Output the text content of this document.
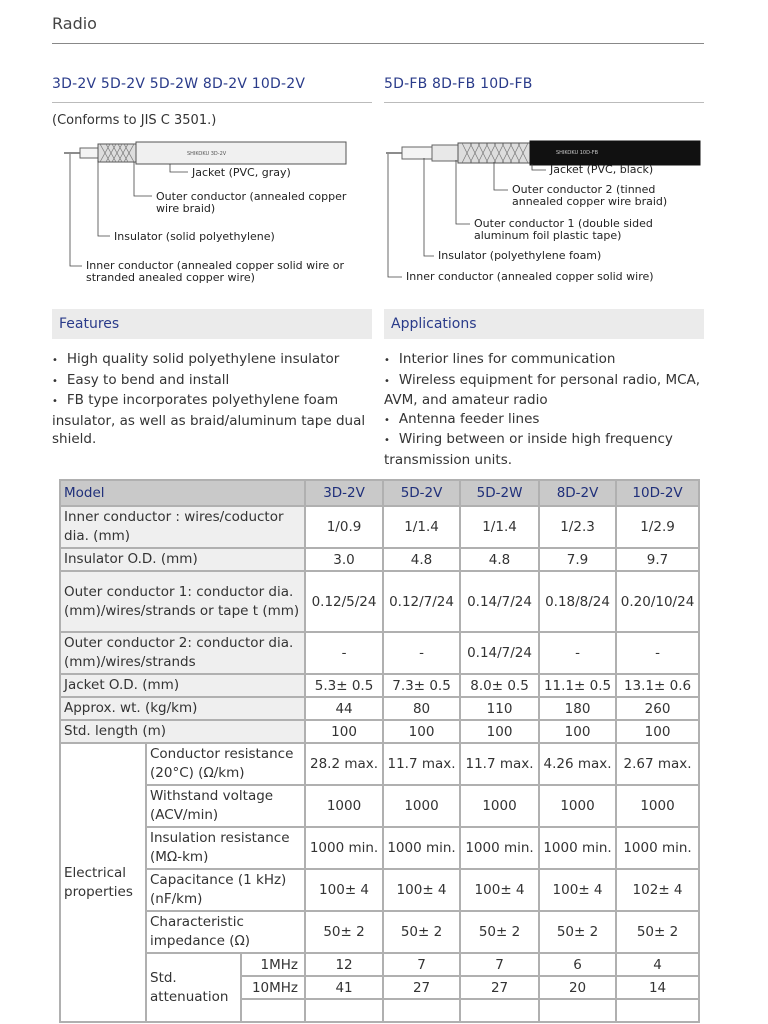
Radio
3D-2V 5D-2V 5D-2W 8D-2V 10D-2V
(Conforms to JIS C 3501.)
SHIKOKU 3D-2V
Jacket (PVC, gray)
Outer conductor (annealed copper
wire braid)
Insulator (solid polyethylene)
Inner conductor (annealed copper solid wire or
stranded anealed copper wire)
5D-FB 8D-FB 10D-FB
SHIKOKU 10D-FB
Jacket (PVC, black)
Outer conductor 2 (tinned
annealed copper wire braid)
Outer conductor 1 (double sided
aluminum foil plastic tape)
Insulator (polyethylene foam)
Inner conductor (annealed copper solid wire)
Features	Applications
• High quality solid polyethylene insulator
• Easy to bend and install
• FB type incorporates polyethylene foam insulator, as well as braid/aluminum tape dual shield.
• Interior lines for communication
• Wireless equipment for personal radio, MCA, AVM, and amateur radio
• Antenna feeder lines
• Wiring between or inside high frequency transmission units.
Model			3D-2V	5D-2V	5D-2W	8D-2V	10D-2V
Inner conductor : wires/coductor dia. (mm)			1/0.9	1/1.4	1/1.4	1/2.3	1/2.9
Insulator O.D. (mm)			3.0	4.8	4.8	7.9	9.7
Outer conductor 1: conductor dia. (mm)/wires/strands or tape t (mm)			0.12/5/24	0.12/7/24	0.14/7/24	0.18/8/24	0.20/10/24
Outer conductor 2: conductor dia. (mm)/wires/strands			-	-	0.14/7/24	-	-
Jacket O.D. (mm)			5.3± 0.5	7.3± 0.5	8.0± 0.5	11.1± 0.5	13.1± 0.6
Approx. wt. (kg/km)			44	80	110	180	260
Std. length (m)			100	100	100	100	100
Electrical properties	Conductor resistance (20°C) (Ω/km)		28.2 max.	11.7 max.	11.7 max.	4.26 max.	2.67 max.
	Withstand voltage (ACV/min)		1000	1000	1000	1000	1000
	Insulation resistance (MΩ-km)		1000 min.	1000 min.	1000 min.	1000 min.	1000 min.
	Capacitance (1 kHz) (nF/km)		100± 4	100± 4	100± 4	100± 4	102± 4
	Characteristic impedance (Ω)		50± 2	50± 2	50± 2	50± 2	50± 2
	Std. attenuation	1MHz	12	7	7	6	4
		10MHz	41	27	27	20	14
